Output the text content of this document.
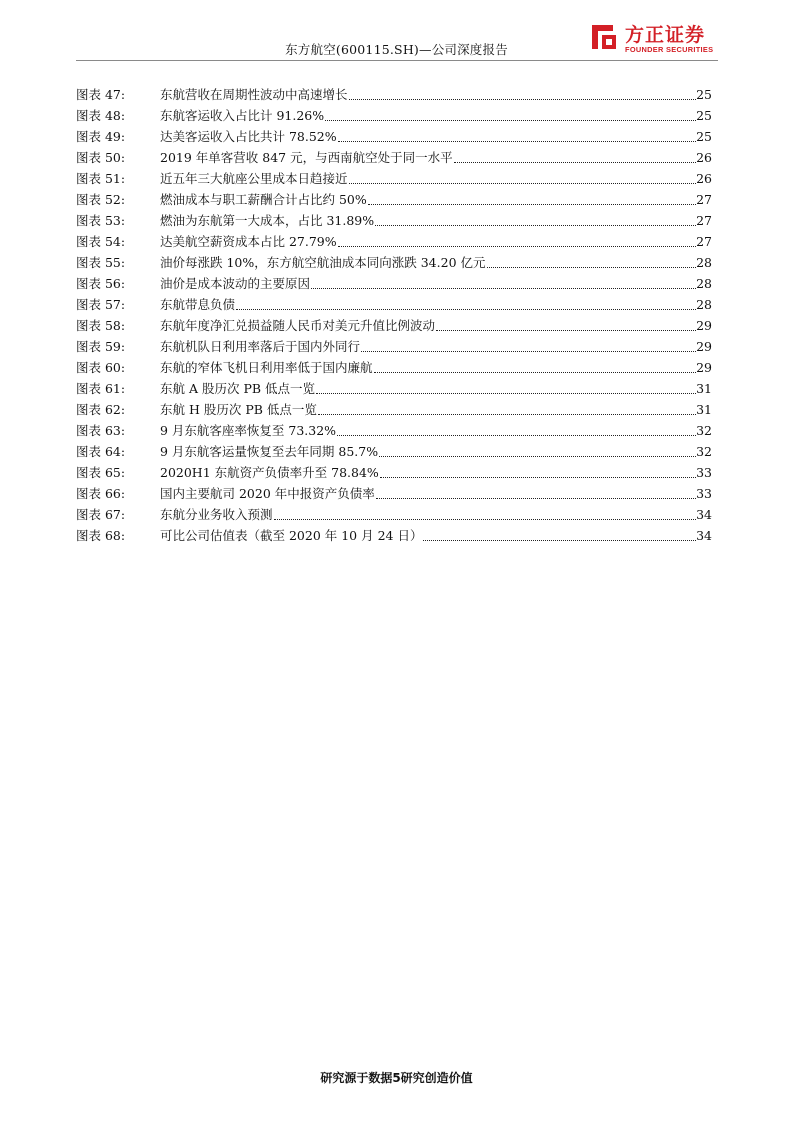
东方航空(600115.SH)—公司深度报告
方正证券
FOUNDER SECURITIES
图表 47:	东航营收在周期性波动中高速增长	25
图表 48:	东航客运收入占比计 91.26%	25
图表 49:	达美客运收入占比共计 78.52%	25
图表 50:	2019 年单客营收 847 元，与西南航空处于同一水平	26
图表 51:	近五年三大航座公里成本日趋接近	26
图表 52:	燃油成本与职工薪酬合计占比约 50%	27
图表 53:	燃油为东航第一大成本，占比 31.89%	27
图表 54:	达美航空薪资成本占比 27.79%	27
图表 55:	油价每涨跌 10%，东方航空航油成本同向涨跌 34.20 亿元	28
图表 56:	油价是成本波动的主要原因	28
图表 57:	东航带息负债	28
图表 58:	东航年度净汇兑损益随人民币对美元升值比例波动	29
图表 59:	东航机队日利用率落后于国内外同行	29
图表 60:	东航的窄体飞机日利用率低于国内廉航	29
图表 61:	东航 A 股历次 PB 低点一览	31
图表 62:	东航 H 股历次 PB 低点一览	31
图表 63:	9 月东航客座率恢复至 73.32%	32
图表 64:	9 月东航客运量恢复至去年同期 85.7%	32
图表 65:	2020H1 东航资产负债率升至 78.84%	33
图表 66:	国内主要航司 2020 年中报资产负债率	33
图表 67:	东航分业务收入预测	34
图表 68:	可比公司估值表（截至 2020 年 10 月 24 日）	34
研究源于数据5研究创造价值
